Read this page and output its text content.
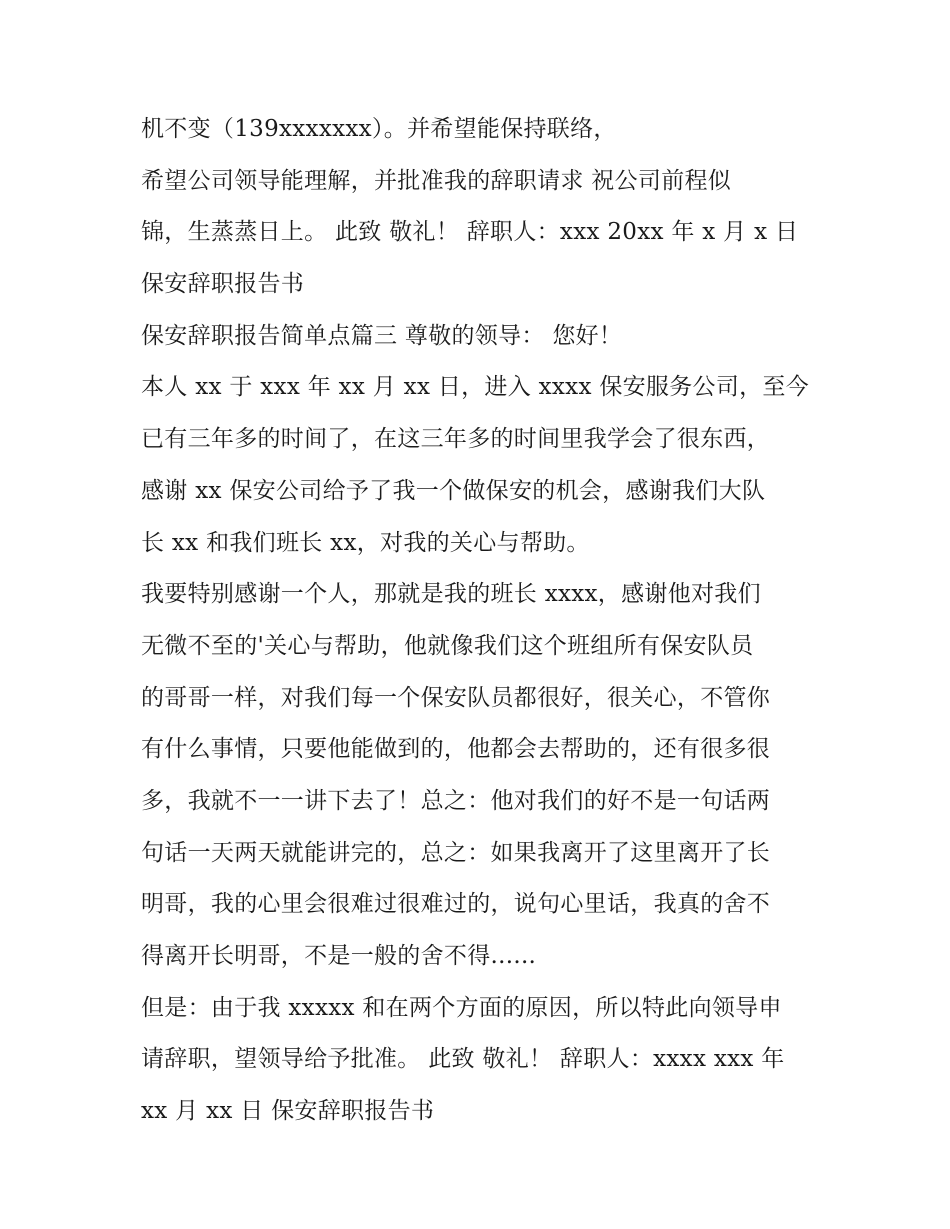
机不变（139xxxxxxx）。并希望能保持联络，
希望公司领导能理解，并批准我的辞职请求 祝公司前程似
锦，生蒸蒸日上。 此致 敬礼！ 辞职人：xxx 20xx 年 x 月 x 日
保安辞职报告书
保安辞职报告简单点篇三 尊敬的领导： 您好！
本人 xx 于 xxx 年 xx 月 xx 日，进入 xxxx 保安服务公司，至今
已有三年多的时间了，在这三年多的时间里我学会了很东西，
感谢 xx 保安公司给予了我一个做保安的机会，感谢我们大队
长 xx 和我们班长 xx，对我的关心与帮助。
我要特别感谢一个人，那就是我的班长 xxxx，感谢他对我们
无微不至的'关心与帮助，他就像我们这个班组所有保安队员
的哥哥一样，对我们每一个保安队员都很好，很关心，不管你
有什么事情，只要他能做到的，他都会去帮助的，还有很多很
多，我就不一一讲下去了！总之：他对我们的好不是一句话两
句话一天两天就能讲完的，总之：如果我离开了这里离开了长
明哥，我的心里会很难过很难过的，说句心里话，我真的舍不
得离开长明哥，不是一般的舍不得......
但是：由于我 xxxxx 和在两个方面的原因，所以特此向领导申
请辞职，望领导给予批准。 此致 敬礼！ 辞职人：xxxx xxx 年
xx 月 xx 日 保安辞职报告书
